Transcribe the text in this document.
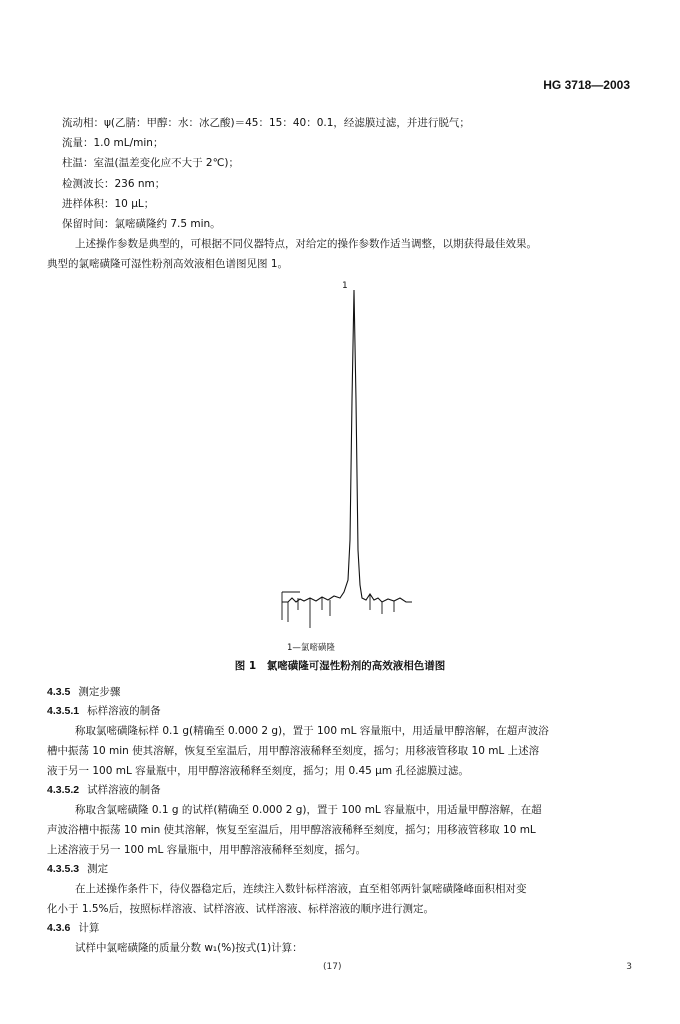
HG 3718—2003
流动相：ψ(乙腈：甲醇：水：冰乙酸)＝45：15：40：0.1，经滤膜过滤，并进行脱气；
流量：1.0 mL/min；
柱温：室温(温差变化应不大于 2℃)；
检测波长：236 nm；
进样体积：10 μL；
保留时间：氯嘧磺隆约 7.5 min。
上述操作参数是典型的，可根据不同仪器特点，对给定的操作参数作适当调整，以期获得最佳效果。
典型的氯嘧磺隆可湿性粉剂高效液相色谱图见图 1。
1
1—氯嘧磺隆
图 1　氯嘧磺隆可湿性粉剂的高效液相色谱图
4.3.5 测定步骤
4.3.5.1 标样溶液的制备
称取氯嘧磺隆标样 0.1 g(精确至 0.000 2 g)，置于 100 mL 容量瓶中，用适量甲醇溶解，在超声波浴
槽中振荡 10 min 使其溶解，恢复至室温后，用甲醇溶液稀释至刻度，摇匀；用移液管移取 10 mL 上述溶
液于另一 100 mL 容量瓶中，用甲醇溶液稀释至刻度，摇匀；用 0.45 μm 孔径滤膜过滤。
4.3.5.2 试样溶液的制备
称取含氯嘧磺隆 0.1 g 的试样(精确至 0.000 2 g)，置于 100 mL 容量瓶中，用适量甲醇溶解，在超
声波浴槽中振荡 10 min 使其溶解，恢复至室温后，用甲醇溶液稀释至刻度，摇匀；用移液管移取 10 mL
上述溶液于另一 100 mL 容量瓶中，用甲醇溶液稀释至刻度，摇匀。
4.3.5.3 测定
在上述操作条件下，待仪器稳定后，连续注入数针标样溶液，直至相邻两针氯嘧磺隆峰面积相对变
化小于 1.5%后，按照标样溶液、试样溶液、试样溶液、标样溶液的顺序进行测定。
4.3.6 计算
试样中氯嘧磺隆的质量分数 w₁(%)按式(1)计算：
(17)	3
